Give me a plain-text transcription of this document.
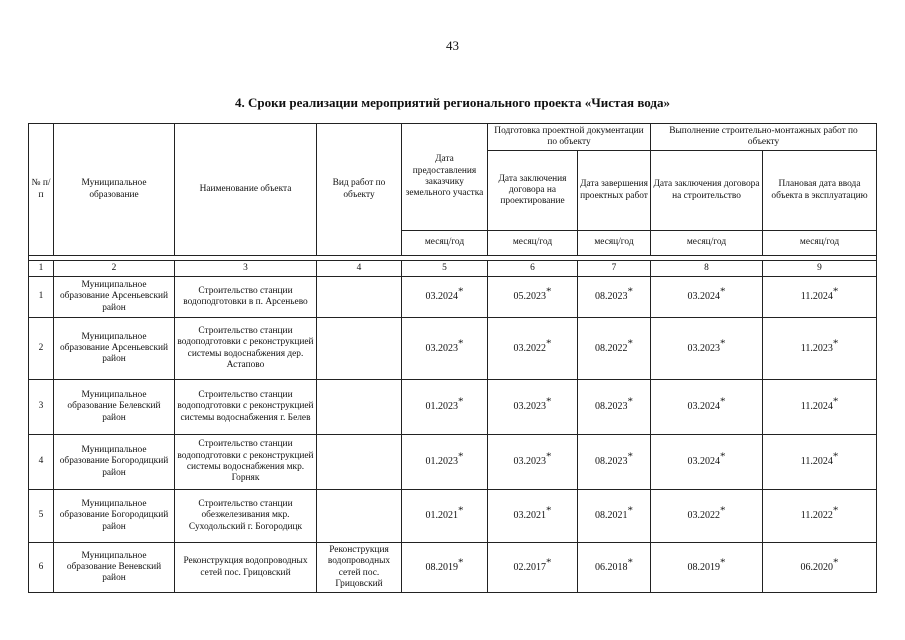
43
4. Сроки реализации мероприятий регионального проекта «Чистая вода»
№ п/п	Муниципальное образование	Наименование объекта	Вид работ по объекту	Дата предоставления заказчику земельного участка	Подготовка проектной документации по объекту		Выполнение строительно-монтажных работ по объекту	
					Дата заключения договора на проектирование	Дата завершения проектных работ	Дата заключения договора на строительство	Плановая дата ввода объекта в эксплуатацию
				месяц/год	месяц/год	месяц/год	месяц/год	месяц/год

1	2	3	4	5	6	7	8	9
1	Муниципальное образование Арсеньевский район	Строительство станции водоподготовки в п. Арсеньево		03.2024*	05.2023*	08.2023*	03.2024*	11.2024*
2	Муниципальное образование Арсеньевский район	Строительство станции водоподготовки с реконструкцией системы водоснабжения дер. Астапово		03.2023*	03.2022*	08.2022*	03.2023*	11.2023*
3	Муниципальное образование Белевский район	Строительство станции водоподготовки с реконструкцией системы водоснабжения г. Белев		01.2023*	03.2023*	08.2023*	03.2024*	11.2024*
4	Муниципальное образование Богородицкий район	Строительство станции водоподготовки с реконструкцией системы водоснабжения мкр. Горняк		01.2023*	03.2023*	08.2023*	03.2024*	11.2024*
5	Муниципальное образование Богородицкий район	Строительство станции обезжелезивания мкр. Суходольский г. Богородицк		01.2021*	03.2021*	08.2021*	03.2022*	11.2022*
6	Муниципальное образование Веневский район	Реконструкция водопроводных сетей пос. Грицовский	Реконструкция водопроводных сетей пос. Грицовский	08.2019*	02.2017*	06.2018*	08.2019*	06.2020*
